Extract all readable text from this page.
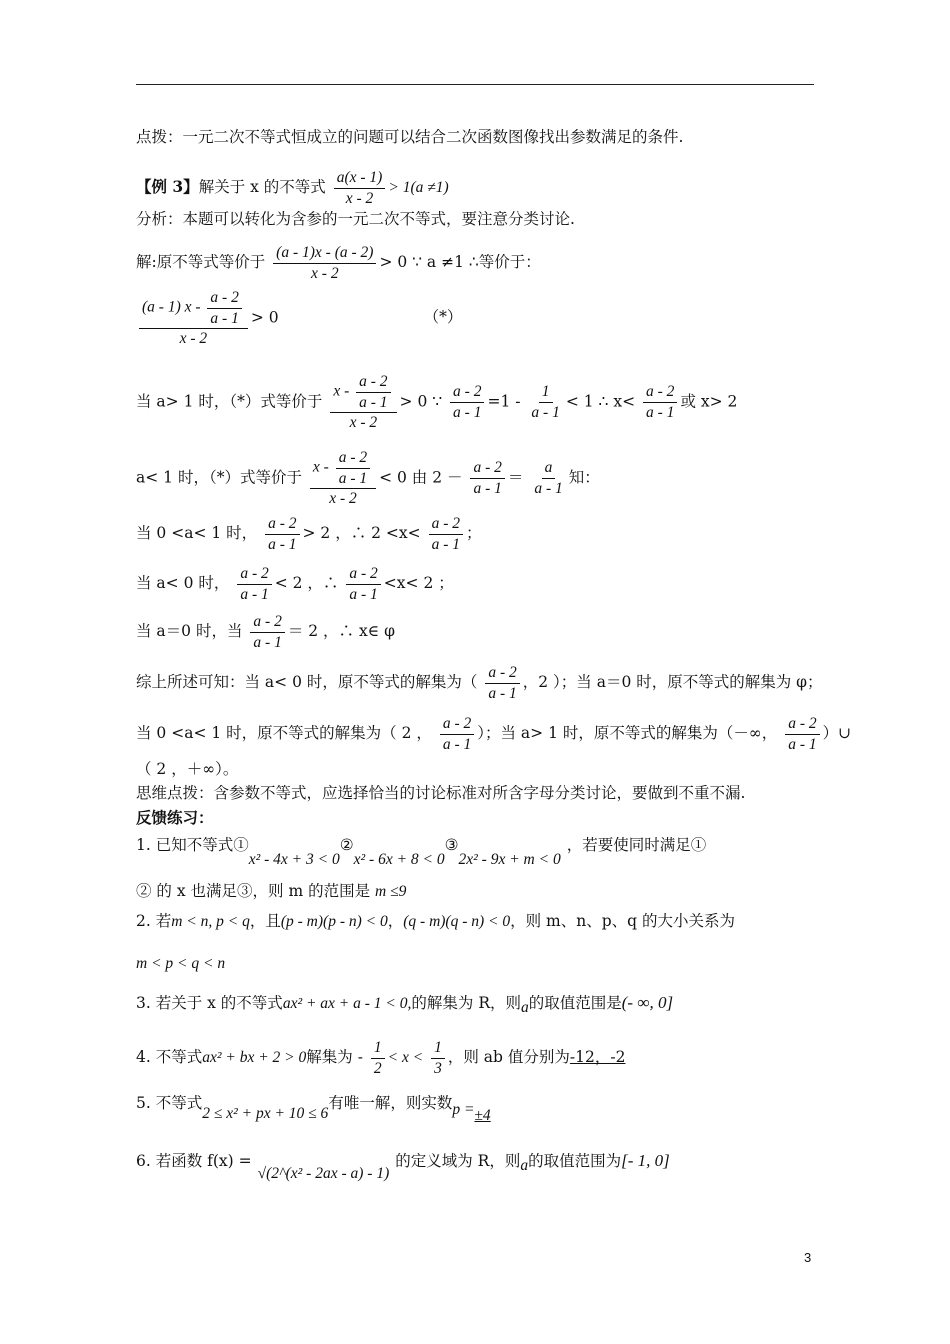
点拨：一元二次不等式恒成立的问题可以结合二次函数图像找出参数满足的条件.
【例 3】解关于 x 的不等式 $\frac{a(x - 1)}{x - 2} > 1(a \ne 1)$
分析：本题可以转化为含参的一元二次不等式，要注意分类讨论.
解:原不等式等价于 $\frac{(a - 1)x - (a - 2)}{x - 2} > 0$ ∵ a ≠1 ∴等价于：
$\frac{(a - 1) x - \frac{a - 2}{a - 1}}{x - 2} > 0$	（*）
当 a> 1 时，（*）式等价于 $\frac{x - \frac{a - 2}{a - 1}}{x - 2} > 0$ ∵ $\frac{a - 2}{a - 1} =1 - \frac{1}{a - 1} < 1$ ∴ $x< \frac{a - 2}{a - 1}$ 或 x> 2
a< 1 时，（*）式等价于 $\frac{x - \frac{a - 2}{a - 1}}{x - 2} < 0$ 由 $2 - \frac{a - 2}{a - 1} = \frac{a}{a - 1}$ 知：
当 0 <a< 1 时， $\frac{a - 2}{a - 1} > 2$ ，∴ $2 <x< \frac{a - 2}{a - 1}$ ；
当 a< 0 时， $\frac{a - 2}{a - 1} < 2$ ，∴ $\frac{a - 2}{a - 1} <x< 2$ ；
当 a＝0 时，当 $\frac{a - 2}{a - 1} = 2$ ，∴ x∈ φ
综上所述可知：当 a< 0 时，原不等式的解集为（ $\frac{a - 2}{a - 1}$ ，2 ）；当 a＝0 时，原不等式的解集为 φ；
当 0 <a< 1 时，原不等式的解集为（ 2 ， $\frac{a - 2}{a - 1}$ ）；当 a> 1 时，原不等式的解集为（－∞， $\frac{a - 2}{a - 1}$ ）∪
（ 2 ，＋∞）。
思维点拨：含参数不等式，应选择恰当的讨论标准对所含字母分类讨论，要做到不重不漏.
反馈练习：
1. 已知不等式①x² - 4x + 3 < 0②x² - 6x + 8 < 0③2x² - 9x + m < 0，若要使同时满足①
② 的 x 也满足③，则 m 的范围是 m ≤9
2. 若m < n, p < q，且(p - m)(p - n) < 0，(q - m)(q - n) < 0，则 m、n、p、q 的大小关系为
m < p < q < n
3. 若关于 x 的不等式ax² + ax + a - 1 < 0,的解集为 R，则a的取值范围是(- ∞, 0]
4. 不等式ax² + bx + 2 > 0解集为 - $\frac{1}{2} < x < \frac{1}{3}$ ，则 ab 值分别为-12，-2
5. 不等式2 ≤ x² + px + 10 ≤ 6有唯一解，则实数p =±4
6. 若函数 f(x) =√(2^(x² - 2ax - a) - 1)的定义域为 R，则a的取值范围为[- 1, 0]
3
